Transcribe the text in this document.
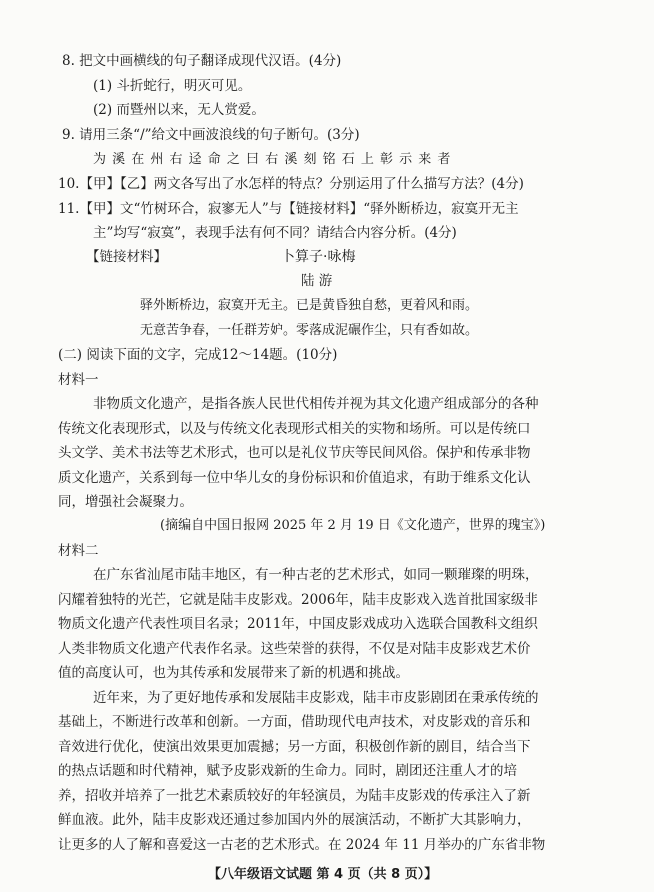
8. 把文中画横线的句子翻译成现代汉语。(4分)
(1) 斗折蛇行，明灭可见。
(2) 而暨州以来，无人赏爱。
9. 请用三条“/”给文中画波浪线的句子断句。(3分)
为 溪 在 州 右 迳 命 之 曰 右 溪 刻 铭 石 上 彰 示 来 者
10.【甲】【乙】两文各写出了水怎样的特点？分别运用了什么描写方法？(4分)
11.【甲】文“竹树环合，寂寥无人”与【链接材料】“驿外断桥边，寂寞开无主
主”均写“寂寞”，表现手法有何不同？请结合内容分析。(4分)
【链接材料】	卜算子·咏梅
陆 游
驿外断桥边，寂寞开无主。已是黄昏独自愁，更着风和雨。
无意苦争春，一任群芳妒。零落成泥碾作尘，只有香如故。
(二) 阅读下面的文字，完成12～14题。(10分)
材料一
非物质文化遗产，是指各族人民世代相传并视为其文化遗产组成部分的各种
传统文化表现形式，以及与传统文化表现形式相关的实物和场所。可以是传统口
头文学、美术书法等艺术形式，也可以是礼仪节庆等民间风俗。保护和传承非物
质文化遗产，关系到每一位中华儿女的身份标识和价值追求，有助于维系文化认
同，增强社会凝聚力。
(摘编自中国日报网 2025 年 2 月 19 日《文化遗产，世界的瑰宝》)
材料二
在广东省汕尾市陆丰地区，有一种古老的艺术形式，如同一颗璀璨的明珠，
闪耀着独特的光芒，它就是陆丰皮影戏。2006年，陆丰皮影戏入选首批国家级非
物质文化遗产代表性项目名录；2011年，中国皮影戏成功入选联合国教科文组织
人类非物质文化遗产代表作名录。这些荣誉的获得，不仅是对陆丰皮影戏艺术价
值的高度认可，也为其传承和发展带来了新的机遇和挑战。
近年来，为了更好地传承和发展陆丰皮影戏，陆丰市皮影剧团在秉承传统的
基础上，不断进行改革和创新。一方面，借助现代电声技术，对皮影戏的音乐和
音效进行优化，使演出效果更加震撼；另一方面，积极创作新的剧目，结合当下
的热点话题和时代精神，赋予皮影戏新的生命力。同时，剧团还注重人才的培
养，招收并培养了一批艺术素质较好的年轻演员，为陆丰皮影戏的传承注入了新
鲜血液。此外，陆丰皮影戏还通过参加国内外的展演活动，不断扩大其影响力，
让更多的人了解和喜爱这一古老的艺术形式。在 2024 年 11 月举办的广东省非物
【八年级语文试题 第 4 页（共 8 页）】
